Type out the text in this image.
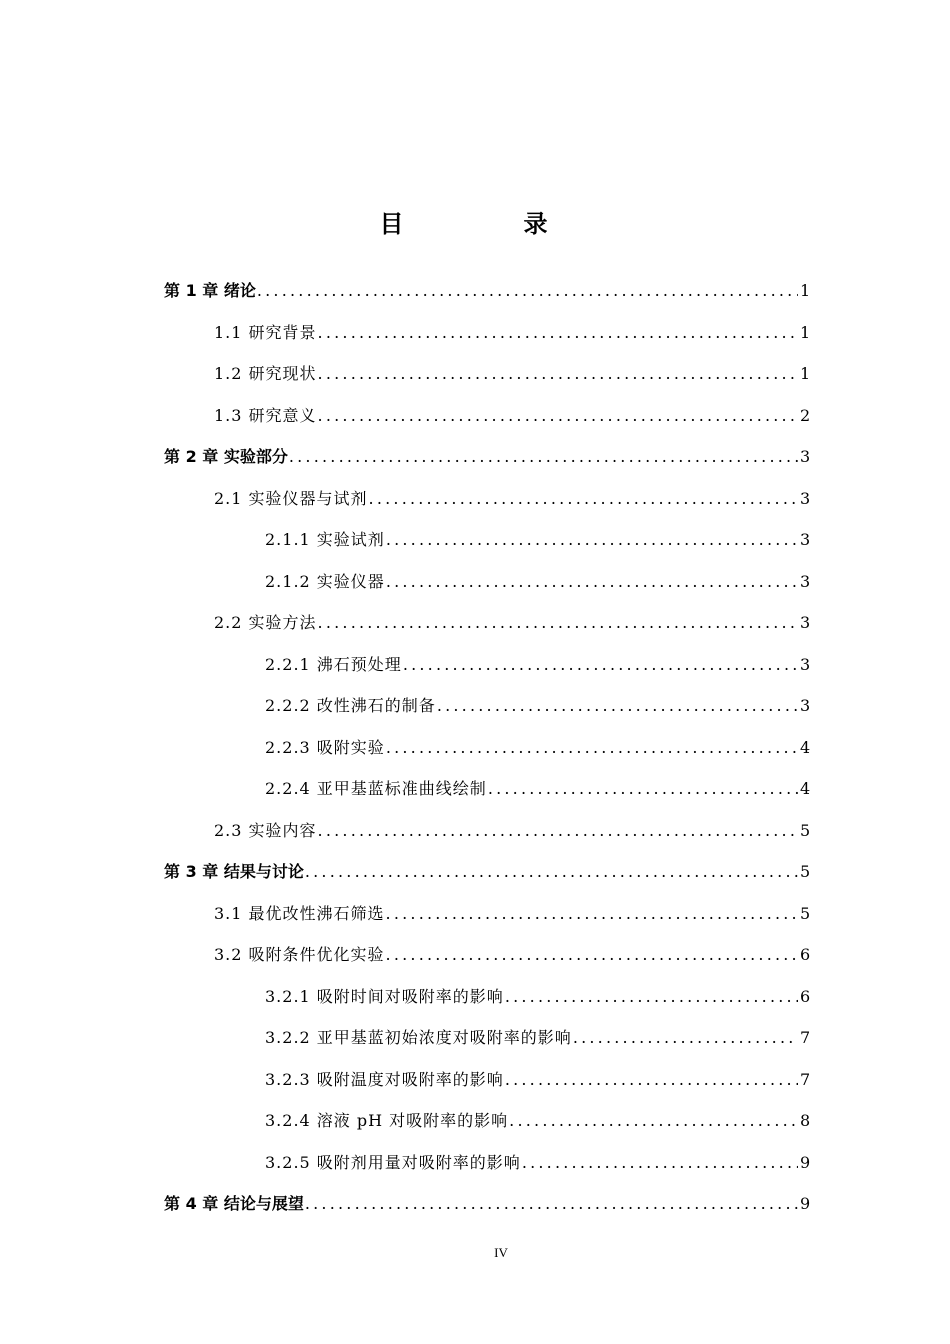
目　录
第 1 章 绪论 .....	1
1.1 研究背景 .....	1
1.2 研究现状 .....	1
1.3 研究意义 .....	2
第 2 章 实验部分 .....	3
2.1 实验仪器与试剂 .....	3
2.1.1 实验试剂 .....	3
2.1.2 实验仪器 .....	3
2.2 实验方法 .....	3
2.2.1 沸石预处理 .....	3
2.2.2 改性沸石的制备 .....	3
2.2.3 吸附实验 .....	4
2.2.4 亚甲基蓝标准曲线绘制 .....	4
2.3 实验内容 .....	5
第 3 章 结果与讨论 .....	5
3.1 最优改性沸石筛选 .....	5
3.2 吸附条件优化实验 .....	6
3.2.1 吸附时间对吸附率的影响 .....	6
3.2.2 亚甲基蓝初始浓度对吸附率的影响 .....	7
3.2.3 吸附温度对吸附率的影响 .....	7
3.2.4 溶液 pH 对吸附率的影响 .....	8
3.2.5 吸附剂用量对吸附率的影响 .....	9
第 4 章 结论与展望 .....	9
IV
